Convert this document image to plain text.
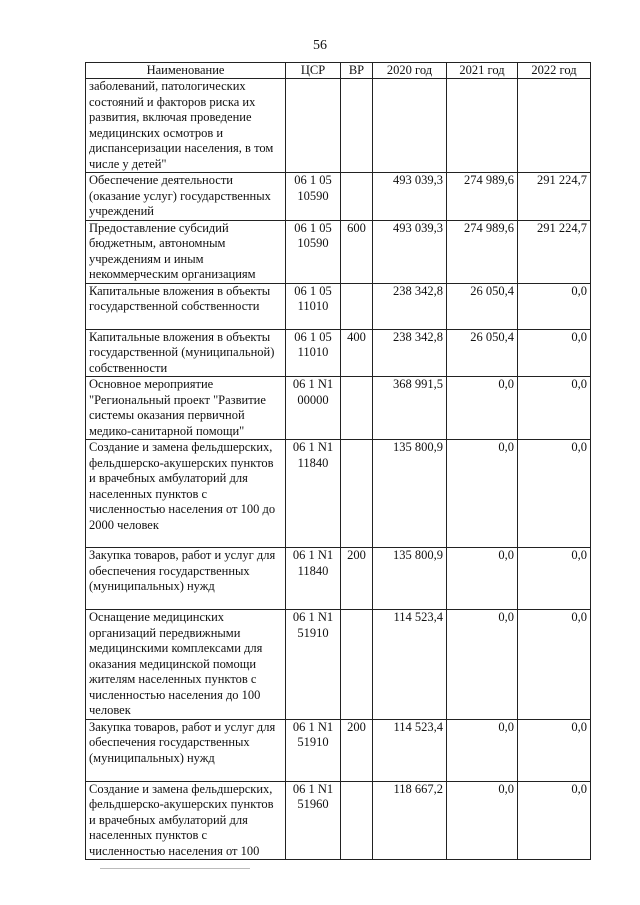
56
Наименование	ЦСР	ВР	2020 год	2021 год	2022 год
заболеваний, патологических состояний и факторов риска их развития, включая проведение медицинских осмотров и диспансеризации населения, в том числе у детей"					
Обеспечение деятельности (оказание услуг) государственных учреждений	06 1 05 10590		493 039,3	274 989,6	291 224,7
Предоставление субсидий бюджетным, автономным учреждениям и иным некоммерческим организациям	06 1 05 10590	600	493 039,3	274 989,6	291 224,7
Капитальные вложения в объекты государственной собственности	06 1 05 11010		238 342,8	26 050,4	0,0
Капитальные вложения в объекты государственной (муниципальной) собственности	06 1 05 11010	400	238 342,8	26 050,4	0,0
Основное мероприятие "Региональный проект "Развитие системы оказания первичной медико-санитарной помощи"	06 1 N1 00000		368 991,5	0,0	0,0
Создание и замена фельдшерских, фельдшерско-акушерских пунктов и врачебных амбулаторий для населенных пунктов с численностью населения от 100 до 2000 человек	06 1 N1 11840		135 800,9	0,0	0,0
Закупка товаров, работ и услуг для обеспечения государственных (муниципальных) нужд	06 1 N1 11840	200	135 800,9	0,0	0,0
Оснащение медицинских организаций передвижными медицинскими комплексами для оказания медицинской помощи жителям населенных пунктов с численностью населения до 100 человек	06 1 N1 51910		114 523,4	0,0	0,0
Закупка товаров, работ и услуг для обеспечения государственных (муниципальных) нужд	06 1 N1 51910	200	114 523,4	0,0	0,0
Создание и замена фельдшерских, фельдшерско-акушерских пунктов и врачебных амбулаторий для населенных пунктов с численностью населения от 100	06 1 N1 51960		118 667,2	0,0	0,0
